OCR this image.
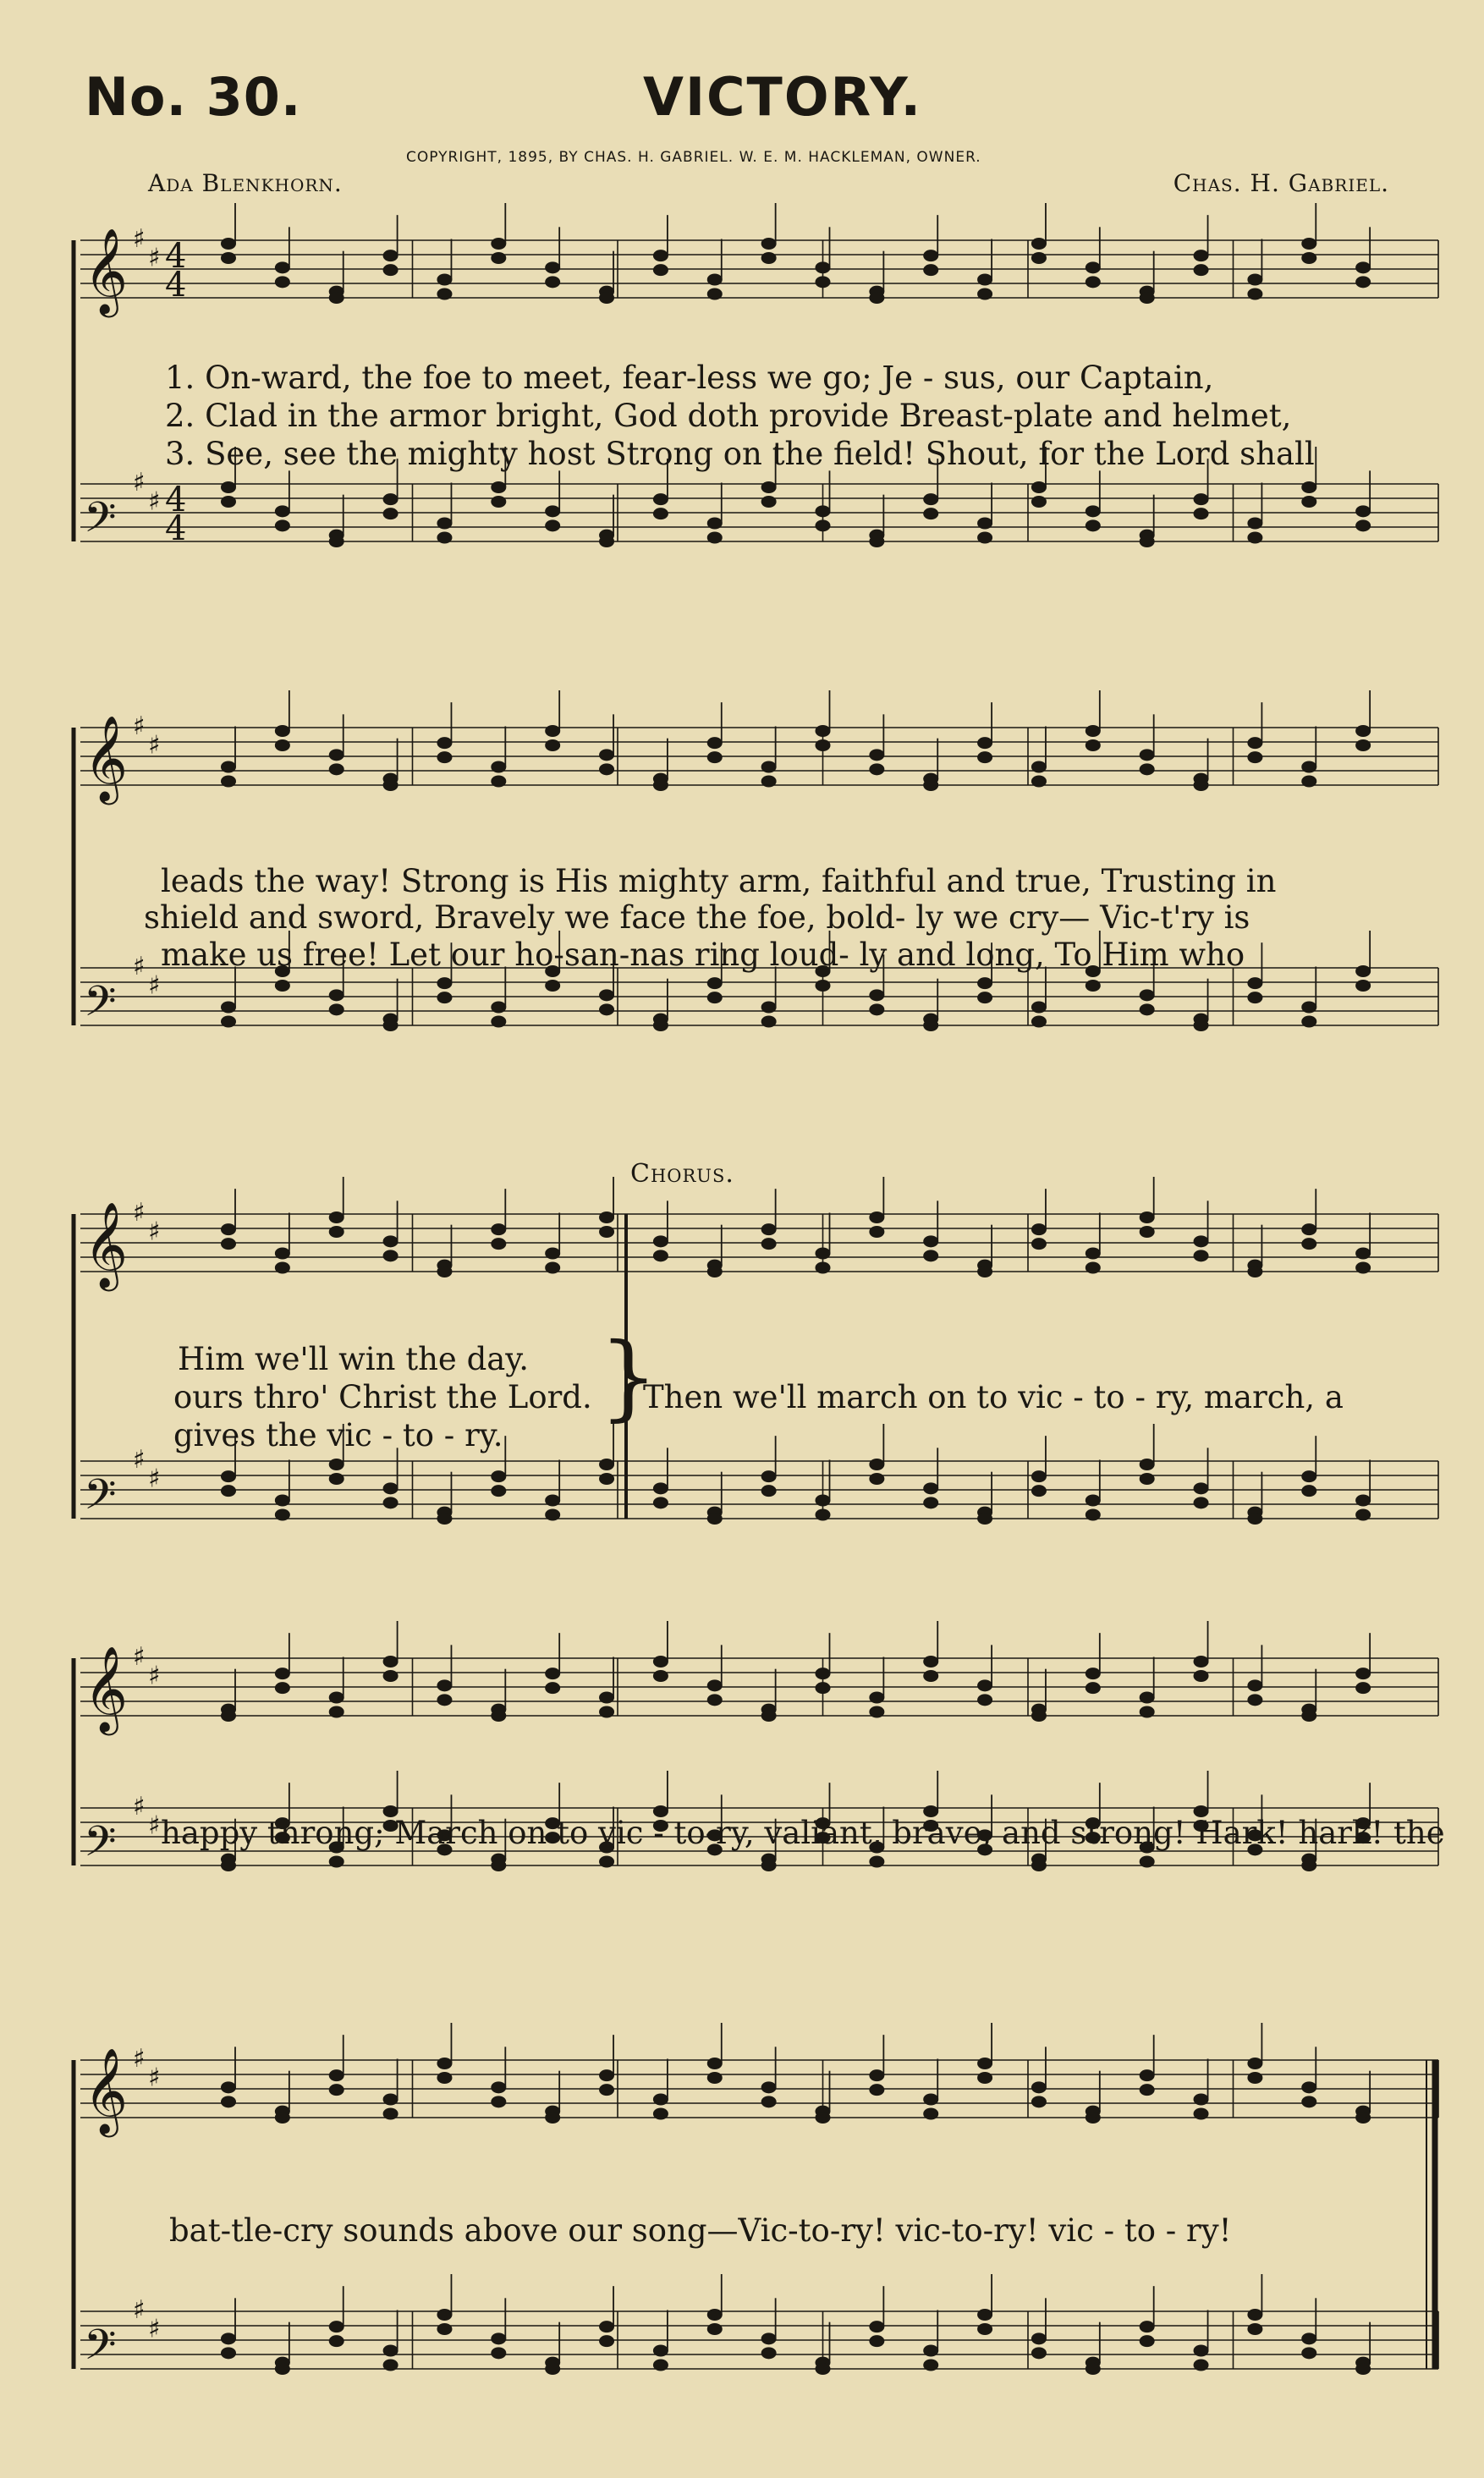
No. 30.	VICTORY.
COPYRIGHT, 1895, BY CHAS. H. GABRIEL. W. E. M. HACKLEMAN, OWNER.
Ada Blenkhorn.	Chas. H. Gabriel.
𝄞 ♯
♯
𝄢
♯
♯
4
4
4
4
𝄞 ♯
♯
𝄢
♯
♯
𝄞 ♯
♯
𝄢
♯
♯
𝄞 ♯
♯
𝄢
♯
♯
𝄞 ♯
♯
𝄢
♯
♯
1. On-ward, the foe to meet, fear-less we go; Je - sus, our Captain,
2. Clad in the armor bright, God doth provide Breast-plate and helmet,
3. See, see the mighty host Strong on the field! Shout, for the Lord shall
leads the way! Strong is His mighty arm, faithful and true, Trusting in
shield and sword, Bravely we face the foe, bold- ly we cry— Vic-t'ry is
make us free! Let our ho-san-nas ring loud- ly and long, To Him who
Chorus.
Him we'll win the day.
ours thro' Christ the Lord.
gives the vic - to - ry.
}
Then we'll march on to vic - to - ry, march, a
happy throng; March on to vic - to-ry, valiant, brave, and strong! Hark! hark! the
bat-tle-cry sounds above our song—Vic-to-ry! vic-to-ry! vic - to - ry!
